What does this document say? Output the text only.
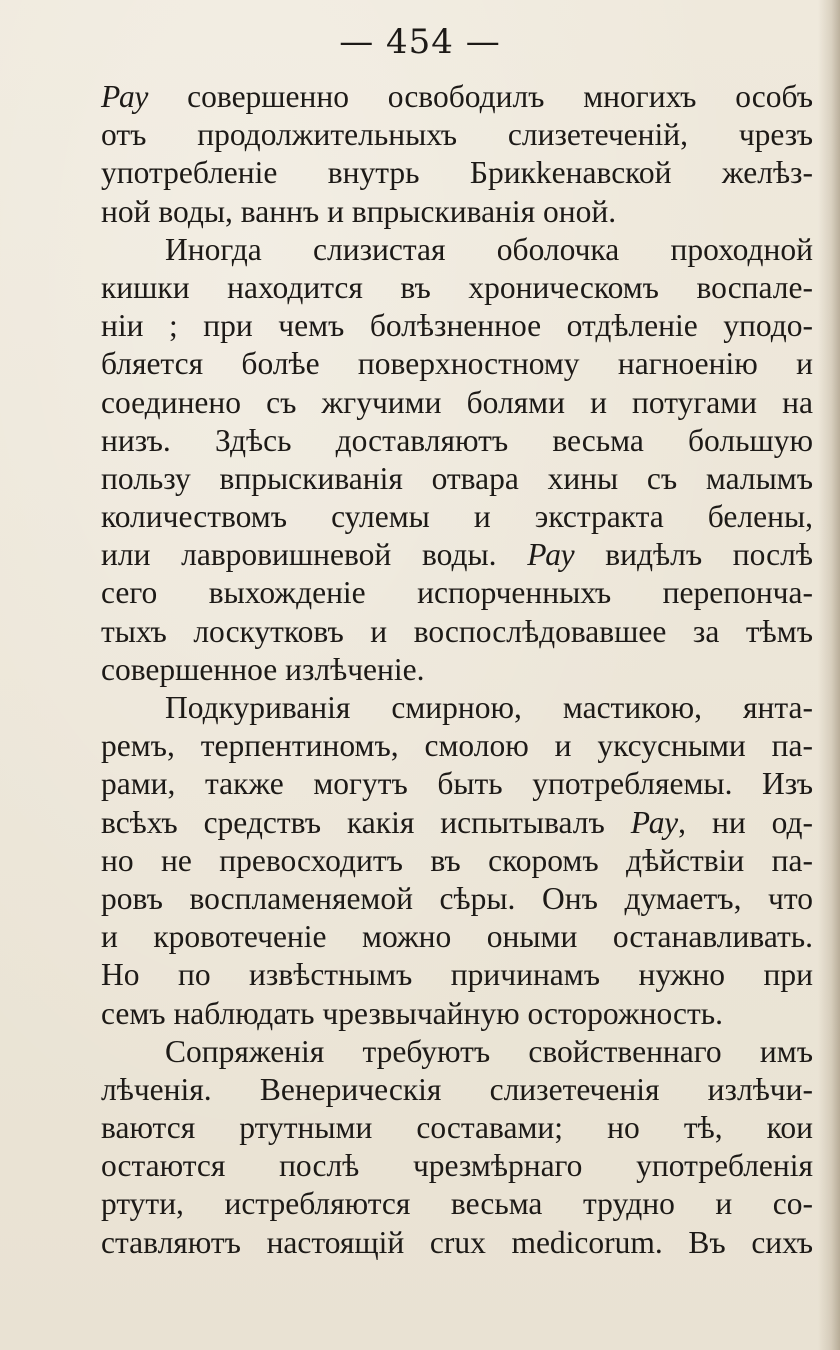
— 454 —
Рау совершенно освободилъ многихъ особъ
отъ продолжительныхъ слизетеченій, чрезъ
употребленіе внутрь Брикkенавской желѣз-
ной воды, ваннъ и впрыскиванія оной.
Иногда слизистая оболочка проходной
кишки находится въ хроническомъ воспале-
ніи ; при чемъ болѣзненное отдѣленіе уподо-
бляется болѣе поверхностному нагноенію и
соединено съ жгучими болями и потугами на
низъ. Здѣсь доставляютъ весьма большую
пользу впрыскиванія отвара хины съ малымъ
количествомъ сулемы и экстракта белены,
или лавровишневой воды. Рау видѣлъ послѣ
сего выхожденіе испорченныхъ перепонча-
тыхъ лоскутковъ и воспослѣдовавшее за тѣмъ
совершенное излѣченіе.
Подкуриванія смирною, мастикою, янта-
ремъ, терпентиномъ, смолою и уксусными па-
рами, также могутъ быть употребляемы. Изъ
всѣхъ средствъ какія испытывалъ Рау, ни од-
но не превосходитъ въ скоромъ дѣйствіи па-
ровъ воспламеняемой сѣры. Онъ думаетъ, что
и кровотеченіе можно оными останавливать.
Но по извѣстнымъ причинамъ нужно при
семъ наблюдать чрезвычайную осторожность.
Сопряженія требуютъ свойственнаго имъ
лѣченія. Венерическія слизетеченія излѣчи-
ваются ртутными составами; но тѣ, кои
остаются послѣ чрезмѣрнаго употребленія
ртути, истребляются весьма трудно и со-
ставляютъ настоящій crux medicorum. Въ сихъ
